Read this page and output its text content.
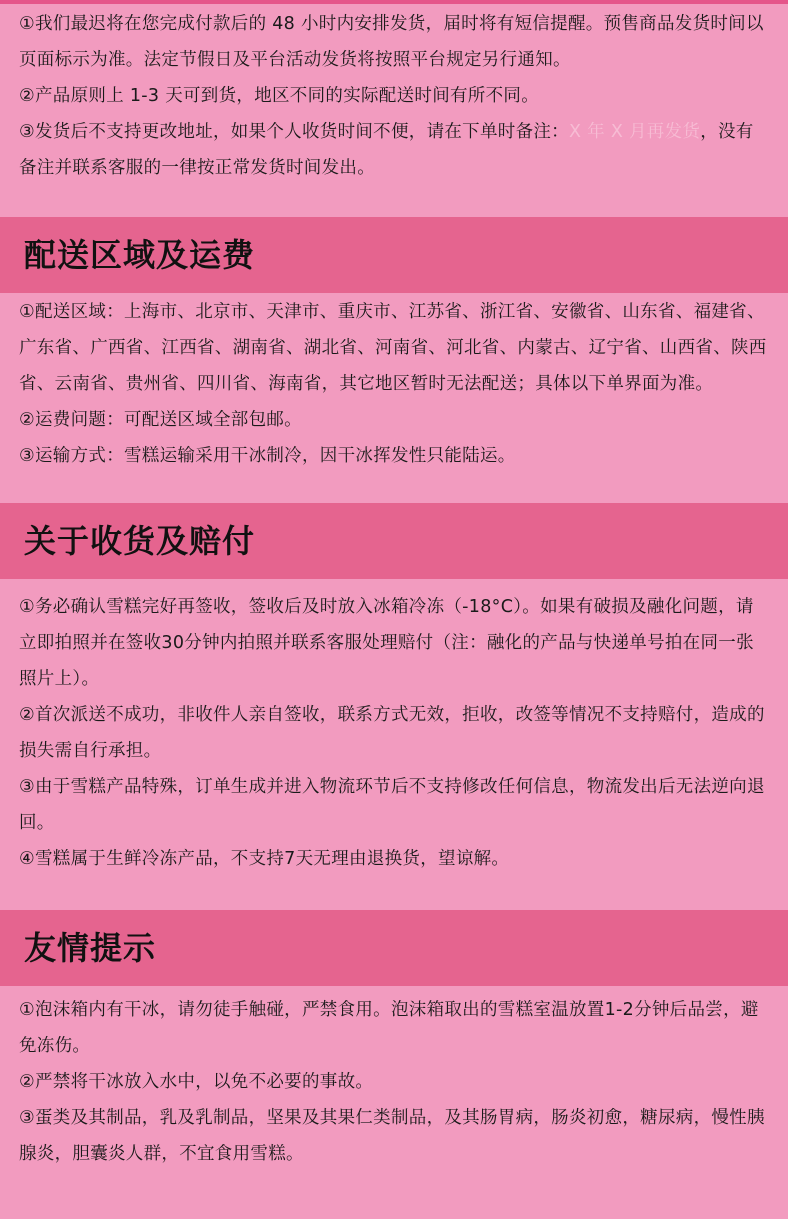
①我们最迟将在您完成付款后的 48 小时内安排发货，届时将有短信提醒。预售商品发货时间以页面标示为准。法定节假日及平台活动发货将按照平台规定另行通知。

②产品原则上 1-3 天可到货，地区不同的实际配送时间有所不同。

③发货后不支持更改地址，如果个人收货时间不便，请在下单时备注：X 年 X 月再发货，没有备注并联系客服的一律按正常发货时间发出。

配送区域及运费

①配送区域：上海市、北京市、天津市、重庆市、江苏省、浙江省、安徽省、山东省、福建省、广东省、广西省、江西省、湖南省、湖北省、河南省、河北省、内蒙古、辽宁省、山西省、陕西省、云南省、贵州省、四川省、海南省，其它地区暂时无法配送；具体以下单界面为准。

②运费问题：可配送区域全部包邮。

③运输方式：雪糕运输采用干冰制冷，因干冰挥发性只能陆运。

关于收货及赔付

①务必确认雪糕完好再签收，签收后及时放入冰箱冷冻（-18°C）。如果有破损及融化问题，请立即拍照并在签收30分钟内拍照并联系客服处理赔付（注：融化的产品与快递单号拍在同一张照片上）。

②首次派送不成功，非收件人亲自签收，联系方式无效，拒收，改签等情况不支持赔付，造成的损失需自行承担。

③由于雪糕产品特殊，订单生成并进入物流环节后不支持修改任何信息，物流发出后无法逆向退回。

④雪糕属于生鲜冷冻产品，不支持7天无理由退换货，望谅解。

友情提示

①泡沫箱内有干冰，请勿徒手触碰，严禁食用。泡沫箱取出的雪糕室温放置1-2分钟后品尝，避免冻伤。

②严禁将干冰放入水中，以免不必要的事故。

③蛋类及其制品，乳及乳制品，坚果及其果仁类制品，及其肠胃病，肠炎初愈，糖尿病，慢性胰腺炎，胆囊炎人群，不宜食用雪糕。
